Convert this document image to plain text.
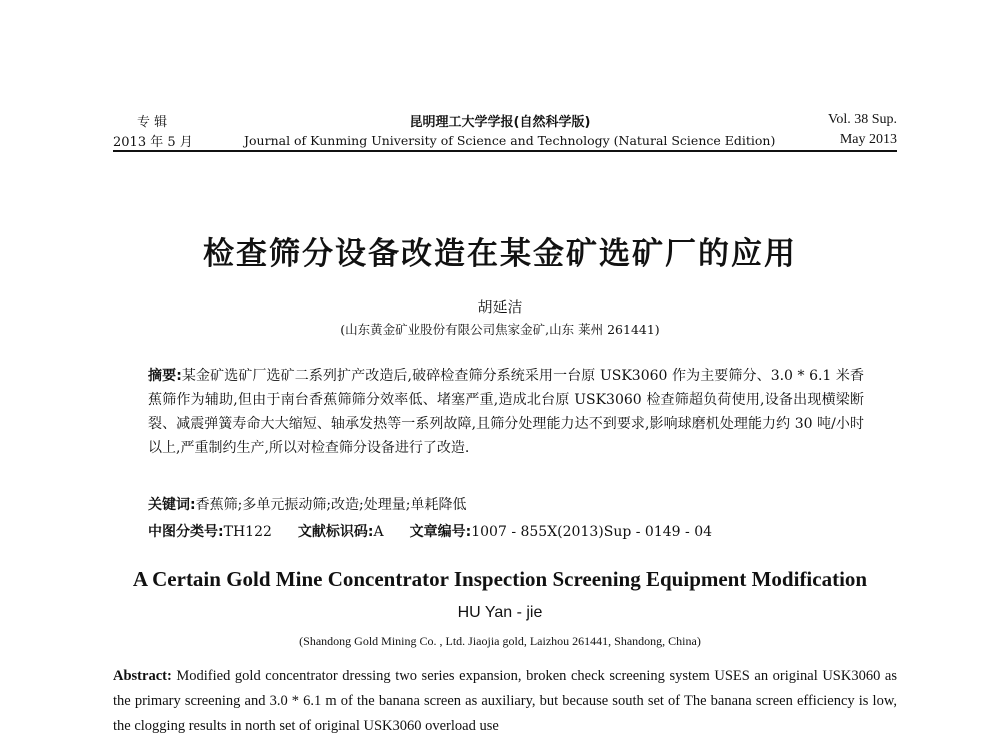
专 辑
2013 年 5 月
昆明理工大学学报(自然科学版)
Journal of Kunming University of Science and Technology (Natural Science Edition)
Vol. 38 Sup.
May 2013
检查筛分设备改造在某金矿选矿厂的应用
胡延洁
(山东黄金矿业股份有限公司焦家金矿,山东 莱州 261441)
摘要:某金矿选矿厂选矿二系列扩产改造后,破碎检查筛分系统采用一台原 USK3060 作为主要筛分、3.0 * 6.1 米香蕉筛作为辅助,但由于南台香蕉筛筛分效率低、堵塞严重,造成北台原 USK3060 检查筛超负荷使用,设备出现横梁断裂、减震弹簧寿命大大缩短、轴承发热等一系列故障,且筛分处理能力达不到要求,影响球磨机处理能力约 30 吨/小时以上,严重制约生产,所以对检查筛分设备进行了改造.
关键词:香蕉筛;多单元振动筛;改造;处理量;单耗降低
中图分类号:TH122 文献标识码:A 文章编号:1007 - 855X(2013)Sup - 0149 - 04
A Certain Gold Mine Concentrator Inspection Screening Equipment Modification
HU Yan - jie
(Shandong Gold Mining Co. , Ltd. Jiaojia gold, Laizhou 261441, Shandong, China)
Abstract: Modified gold concentrator dressing two series expansion, broken check screening system USES an original USK3060 as the primary screening and 3.0 * 6.1 m of the banana screen as auxiliary, but because south set of The banana screen efficiency is low, the clogging results in north set of original USK3060 overload use
